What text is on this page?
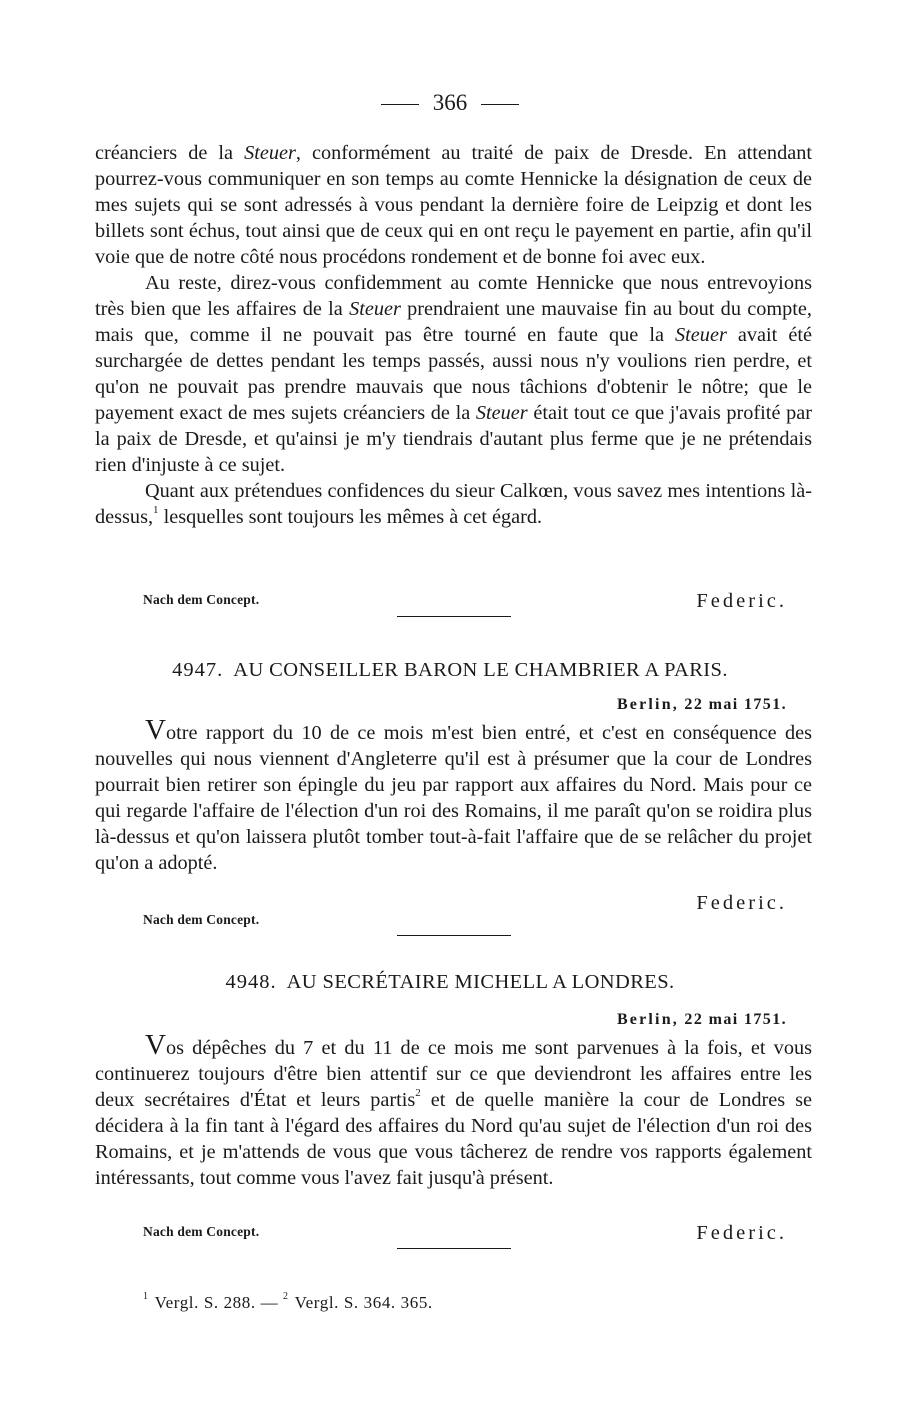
366

créanciers de la Steuer, conformément au traité de paix de Dresde. En attendant pourrez-vous communiquer en son temps au comte Hennicke la désignation de ceux de mes sujets qui se sont adressés à vous pendant la dernière foire de Leipzig et dont les billets sont échus, tout ainsi que de ceux qui en ont reçu le payement en partie, afin qu'il voie que de notre côté nous procédons rondement et de bonne foi avec eux.

Au reste, direz-vous confidemment au comte Hennicke que nous entrevoyions très bien que les affaires de la Steuer prendraient une mauvaise fin au bout du compte, mais que, comme il ne pouvait pas être tourné en faute que la Steuer avait été surchargée de dettes pendant les temps passés, aussi nous n'y voulions rien perdre, et qu'on ne pouvait pas prendre mauvais que nous tâchions d'obtenir le nôtre; que le payement exact de mes sujets créanciers de la Steuer était tout ce que j'avais profité par la paix de Dresde, et qu'ainsi je m'y tiendrais d'autant plus ferme que je ne prétendais rien d'injuste à ce sujet.

Quant aux prétendues confidences du sieur Calkœn, vous savez mes intentions là-dessus,$^1$ lesquelles sont toujours les mêmes à cet égard.

Nach dem Concept.	Federic.
4947. AU CONSEILLER BARON LE CHAMBRIER A PARIS.
Berlin, 22 mai 1751.

Votre rapport du 10 de ce mois m'est bien entré, et c'est en conséquence des nouvelles qui nous viennent d'Angleterre qu'il est à présumer que la cour de Londres pourrait bien retirer son épingle du jeu par rapport aux affaires du Nord. Mais pour ce qui regarde l'affaire de l'élection d'un roi des Romains, il me paraît qu'on se roidira plus là-dessus et qu'on laissera plutôt tomber tout-à-fait l'affaire que de se relâcher du projet qu'on a adopté.

Nach dem Concept.
Federic.
4948. AU SECRÉTAIRE MICHELL A LONDRES.
Berlin, 22 mai 1751.

Vos dépêches du 7 et du 11 de ce mois me sont parvenues à la fois, et vous continuerez toujours d'être bien attentif sur ce que deviendront les affaires entre les deux secrétaires d'État et leurs partis$^2$ et de quelle manière la cour de Londres se décidera à la fin tant à l'égard des affaires du Nord qu'au sujet de l'élection d'un roi des Romains, et je m'attends de vous que vous tâcherez de rendre vos rapports également intéressants, tout comme vous l'avez fait jusqu'à présent.

Nach dem Concept.	Federic.
$^1$ Vergl. S. 288. — $^2$ Vergl. S. 364. 365.
